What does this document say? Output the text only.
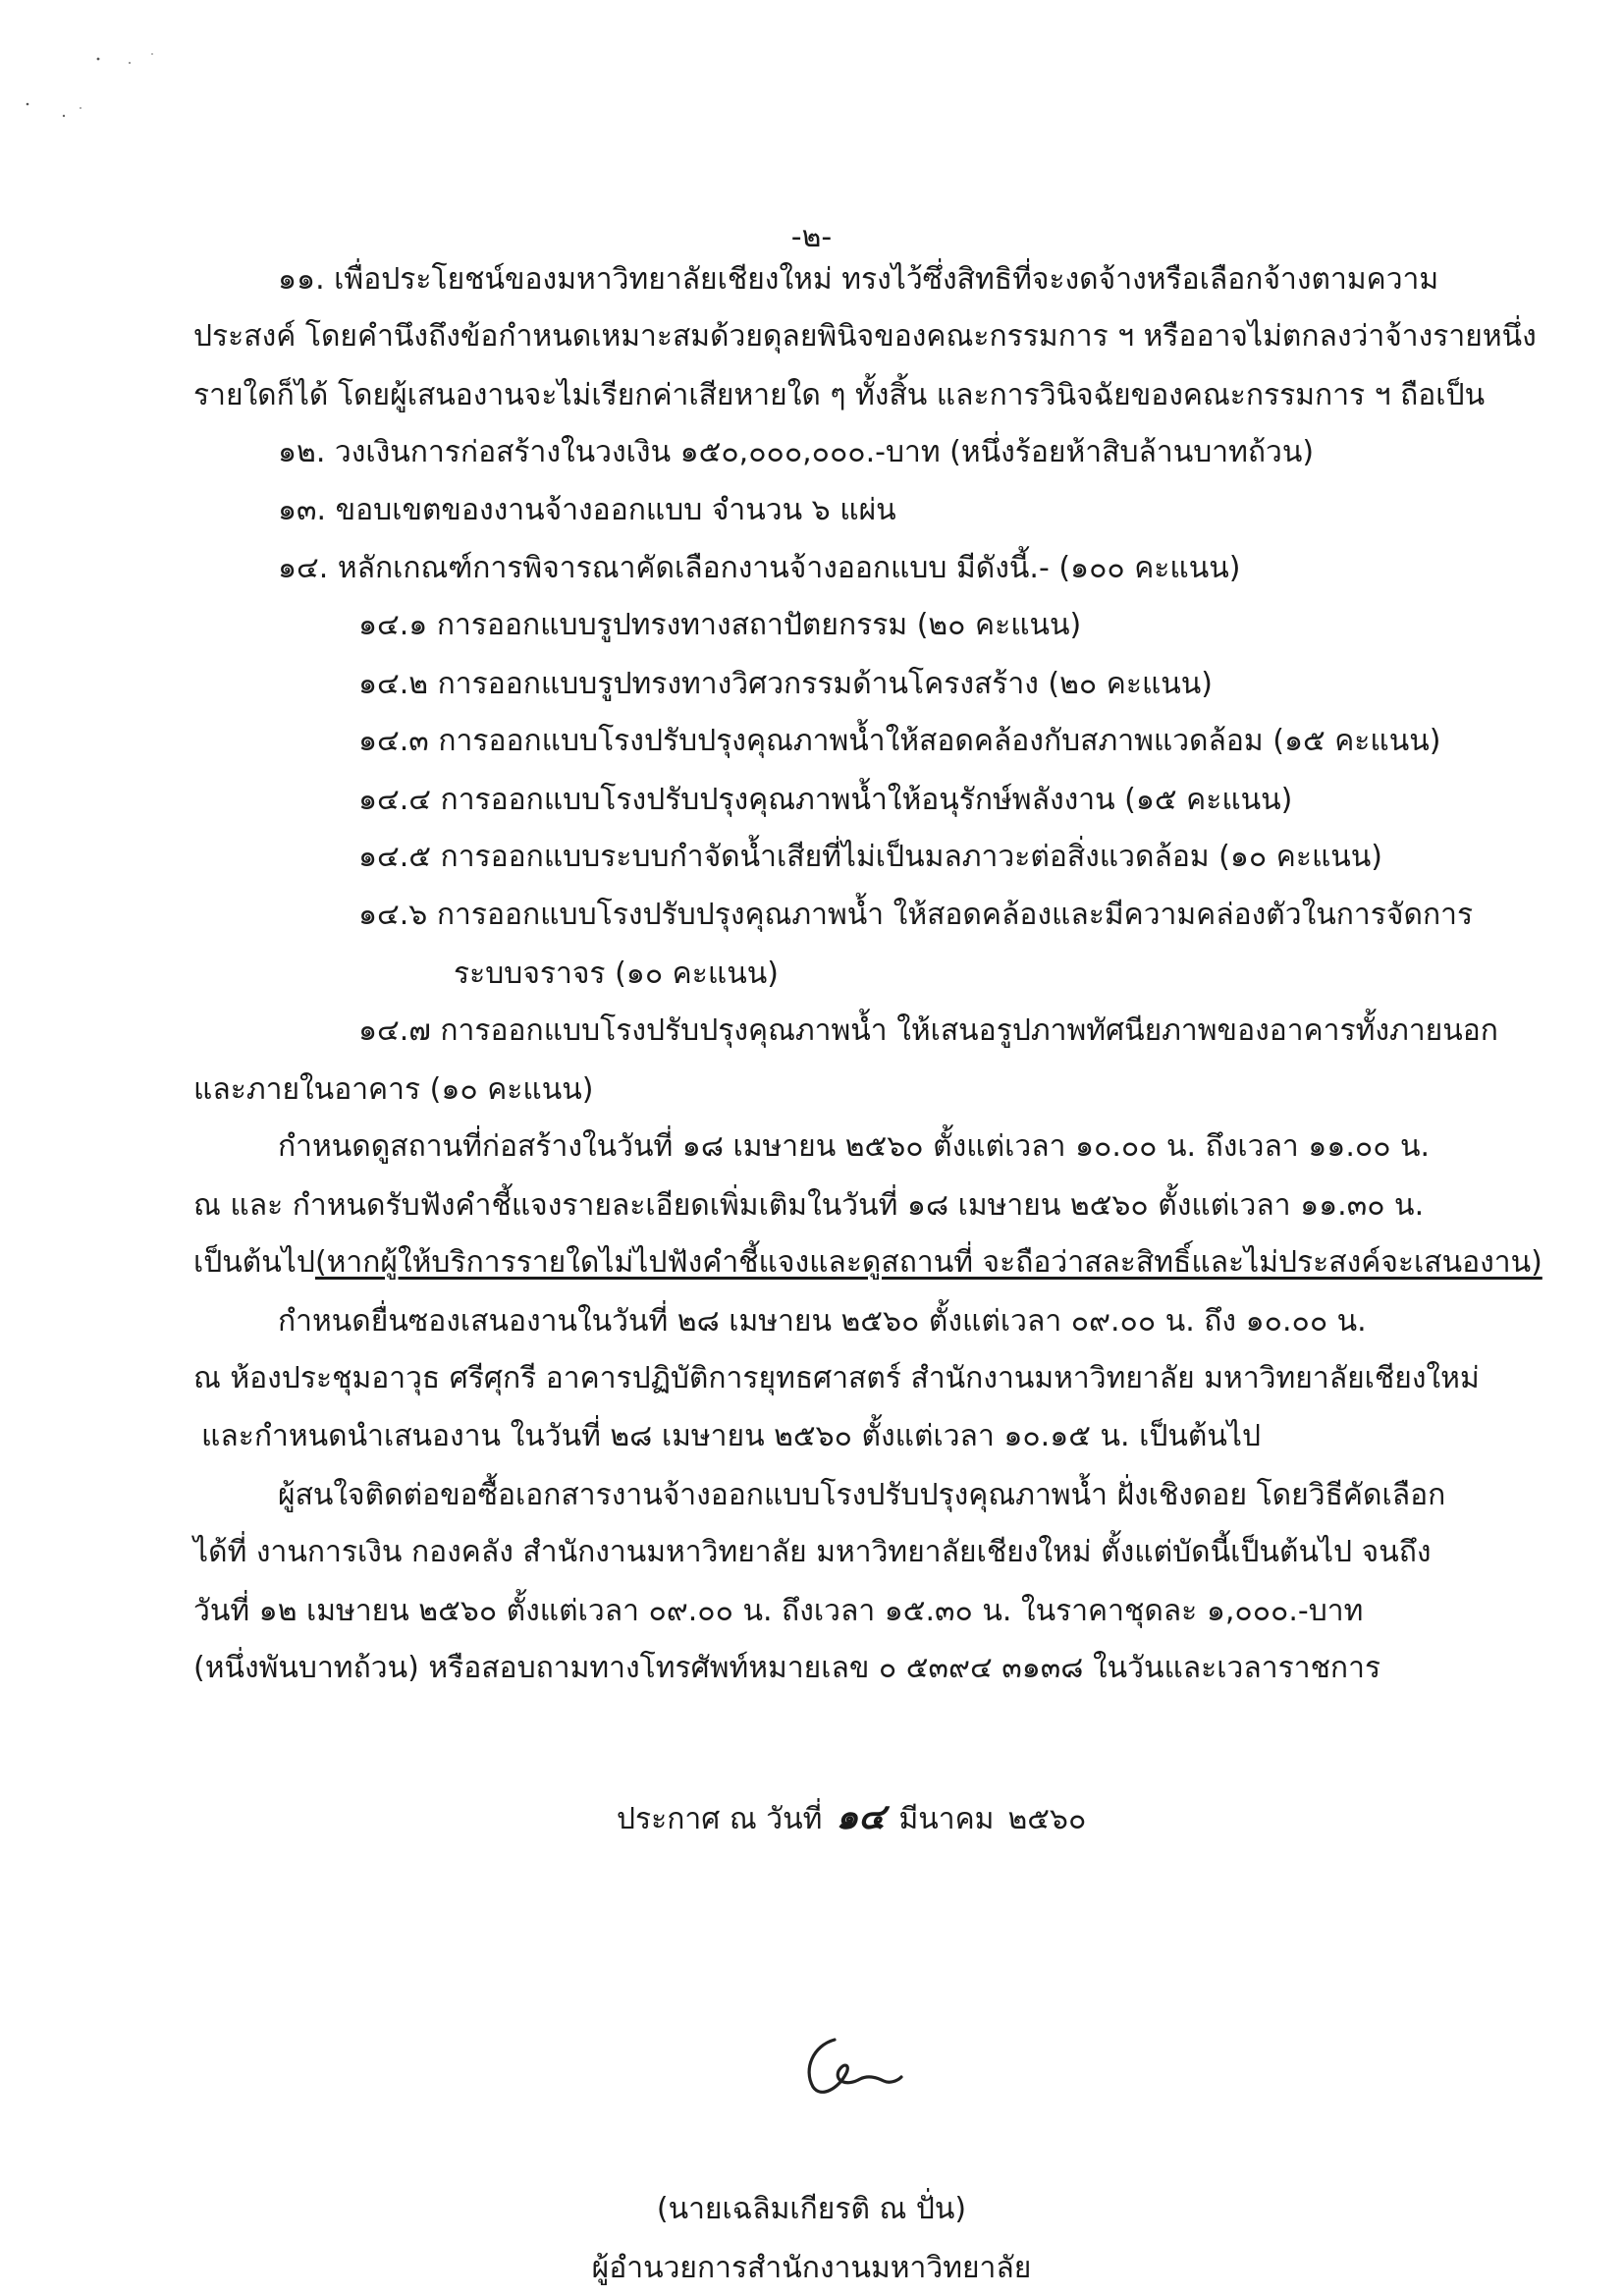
-๒-
๑๑. เพื่อประโยชน์ของมหาวิทยาลัยเชียงใหม่ ทรงไว้ซึ่งสิทธิที่จะงดจ้างหรือเลือกจ้างตามความ
ประสงค์ โดยคำนึงถึงข้อกำหนดเหมาะสมด้วยดุลยพินิจของคณะกรรมการ ฯ หรืออาจไม่ตกลงว่าจ้างรายหนึ่ง
รายใดก็ได้ โดยผู้เสนองานจะไม่เรียกค่าเสียหายใด ๆ ทั้งสิ้น และการวินิจฉัยของคณะกรรมการ ฯ ถือเป็น
๑๒. วงเงินการก่อสร้างในวงเงิน ๑๕๐,๐๐๐,๐๐๐.-บาท (หนึ่งร้อยห้าสิบล้านบาทถ้วน)
๑๓. ขอบเขตของงานจ้างออกแบบ จำนวน ๖ แผ่น
๑๔. หลักเกณฑ์การพิจารณาคัดเลือกงานจ้างออกแบบ มีดังนี้.- (๑๐๐ คะแนน)
๑๔.๑ การออกแบบรูปทรงทางสถาปัตยกรรม (๒๐ คะแนน)
๑๔.๒ การออกแบบรูปทรงทางวิศวกรรมด้านโครงสร้าง (๒๐ คะแนน)
๑๔.๓ การออกแบบโรงปรับปรุงคุณภาพน้ำให้สอดคล้องกับสภาพแวดล้อม (๑๕ คะแนน)
๑๔.๔ การออกแบบโรงปรับปรุงคุณภาพน้ำให้อนุรักษ์พลังงาน (๑๕ คะแนน)
๑๔.๕ การออกแบบระบบกำจัดน้ำเสียที่ไม่เป็นมลภาวะต่อสิ่งแวดล้อม (๑๐ คะแนน)
๑๔.๖ การออกแบบโรงปรับปรุงคุณภาพน้ำ ให้สอดคล้องและมีความคล่องตัวในการจัดการ
ระบบจราจร (๑๐ คะแนน)
๑๔.๗ การออกแบบโรงปรับปรุงคุณภาพน้ำ ให้เสนอรูปภาพทัศนียภาพของอาคารทั้งภายนอก
และภายในอาคาร (๑๐ คะแนน)
กำหนดดูสถานที่ก่อสร้างในวันที่ ๑๘ เมษายน ๒๕๖๐ ตั้งแต่เวลา ๑๐.๐๐ น. ถึงเวลา ๑๑.๐๐ น.
ณ และ กำหนดรับฟังคำชี้แจงรายละเอียดเพิ่มเติมในวันที่ ๑๘ เมษายน ๒๕๖๐ ตั้งแต่เวลา ๑๑.๓๐ น.
เป็นต้นไป(หากผู้ให้บริการรายใดไม่ไปฟังคำชี้แจงและดูสถานที่ จะถือว่าสละสิทธิ์และไม่ประสงค์จะเสนองาน)
กำหนดยื่นซองเสนองานในวันที่ ๒๘ เมษายน ๒๕๖๐ ตั้งแต่เวลา ๐๙.๐๐ น. ถึง ๑๐.๐๐ น.
ณ ห้องประชุมอาวุธ ศรีศุกรี อาคารปฏิบัติการยุทธศาสตร์ สำนักงานมหาวิทยาลัย มหาวิทยาลัยเชียงใหม่
และกำหนดนำเสนองาน ในวันที่ ๒๘ เมษายน ๒๕๖๐ ตั้งแต่เวลา ๑๐.๑๕ น. เป็นต้นไป
ผู้สนใจติดต่อขอซื้อเอกสารงานจ้างออกแบบโรงปรับปรุงคุณภาพน้ำ ฝั่งเชิงดอย โดยวิธีคัดเลือก
ได้ที่ งานการเงิน กองคลัง สำนักงานมหาวิทยาลัย มหาวิทยาลัยเชียงใหม่ ตั้งแต่บัดนี้เป็นต้นไป จนถึง
วันที่ ๑๒ เมษายน ๒๕๖๐ ตั้งแต่เวลา ๐๙.๐๐ น. ถึงเวลา ๑๕.๓๐ น. ในราคาชุดละ ๑,๐๐๐.-บาท
(หนึ่งพันบาทถ้วน) หรือสอบถามทางโทรศัพท์หมายเลข ๐ ๕๓๙๔ ๓๑๓๘ ในวันและเวลาราชการ
ประกาศ ณ วันที่ ๑๔ มีนาคม ๒๕๖๐
(นายเฉลิมเกียรติ ณ ปั่น)
ผู้อำนวยการสำนักงานมหาวิทยาลัย
